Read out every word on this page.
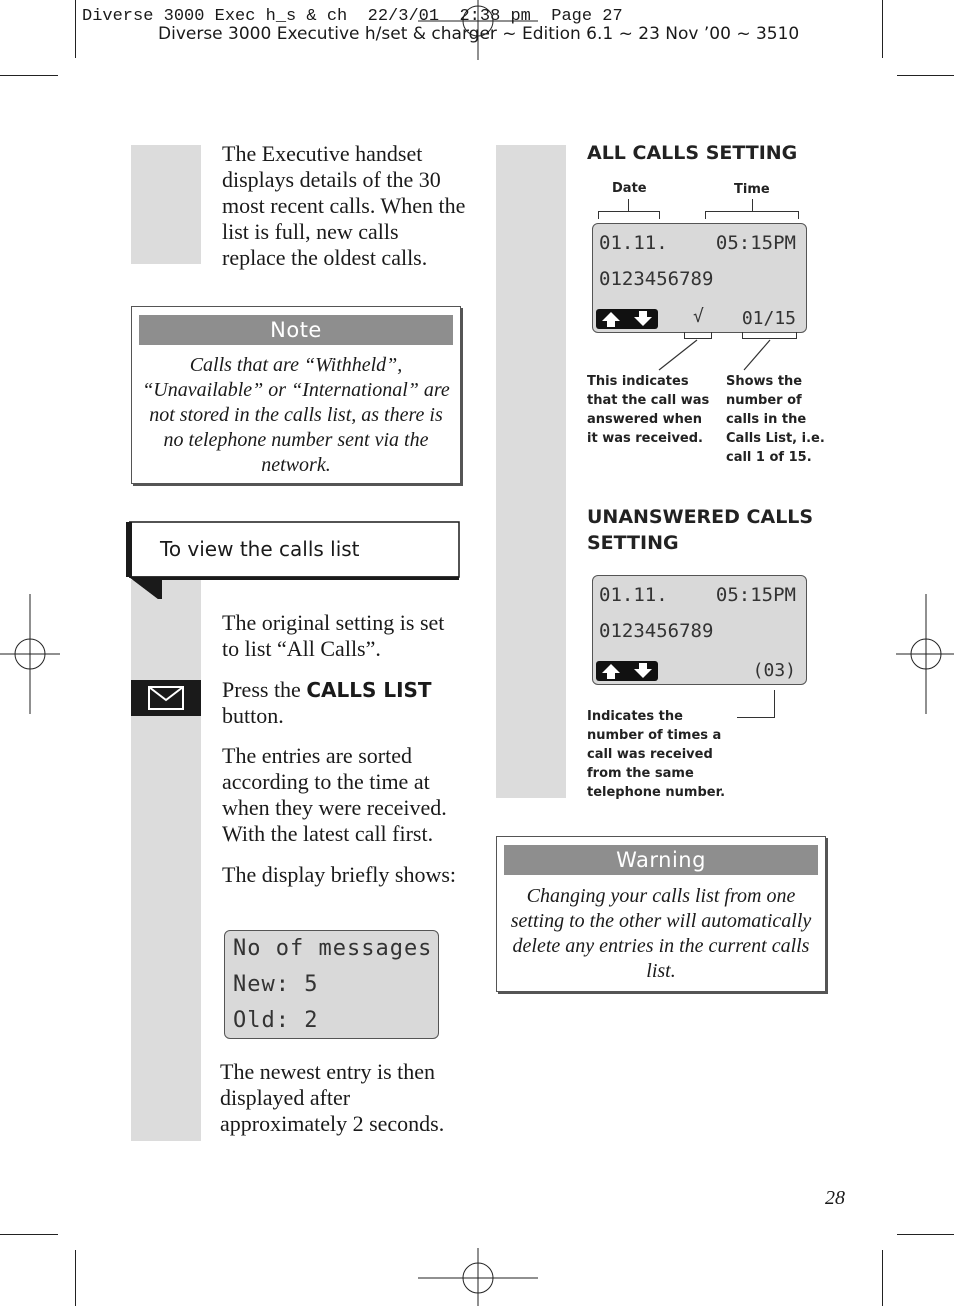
Diverse 3000 Exec h_s & ch  22/3/01  2:38 pm  Page 27
Diverse 3000 Executive h/set & charger ~ Edition 6.1 ~ 23 Nov ’00 ~ 3510
The Executive handset displays details of the 30 most recent calls. When the list is full, new calls replace the oldest calls.
Note
Calls that are “Withheld”, “Unavailable” or “International” are not stored in the calls list, as there is no telephone number sent via the network.
To view the calls list
The original setting is set to list “All Calls”.
Press the CALLS LIST
button.
The entries are sorted according to the time at when they were received. With the latest call first.
The display briefly shows:
No of messages
New: 5
Old: 2
The newest entry is then displayed after approximately 2 seconds.
ALL CALLS SETTING
Date	Time
01.11.	05:15PM
0123456789
√ 01/15
This indicates that the call was answered when it was received.
Shows the number of calls in the Calls List, i.e. call 1 of 15.
UNANSWERED CALLS SETTING
01.11.	05:15PM
0123456789
(03)
Indicates the number of times a call was received from the same telephone number.
Warning
Changing your calls list from one setting to the other will automatically delete any entries in the current calls list.
28
